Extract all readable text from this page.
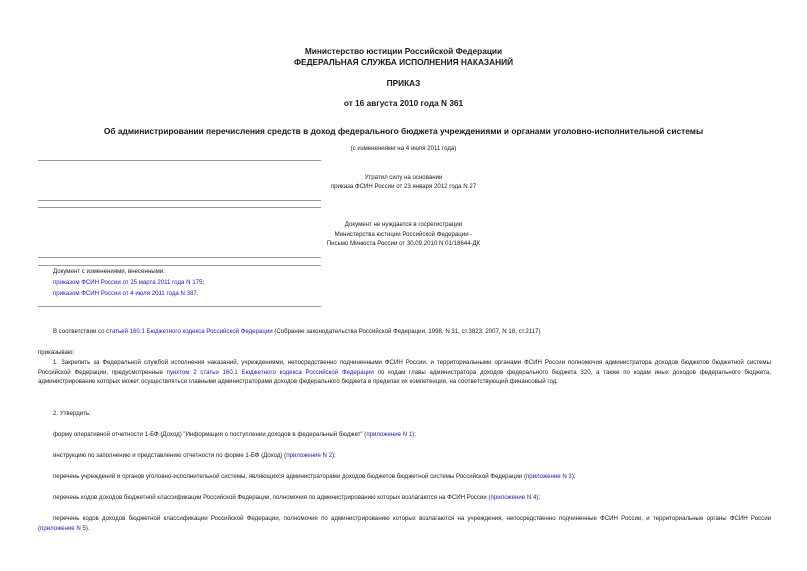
Министерство юстиции Российской Федерации
ФЕДЕРАЛЬНАЯ СЛУЖБА ИСПОЛНЕНИЯ НАКАЗАНИЙ
ПРИКАЗ
от 16 августа 2010 года N 361
Об администрировании перечисления средств в доход федерального бюджета учреждениями и органами уголовно-исполнительной системы
(с изменениями на 4 июля 2011 года)
Утратил силу на основании
приказа ФСИН России от 23 января 2012 года N 27
Документ не нуждается в госрегистрации
Министерства юстиции Российской Федерации -
Письмо Минюста России от 30.09.2010 N 01/18644-ДК
Документ с изменениями, внесенными:
приказом ФСИН России от 25 марта 2011 года N 175;
приказом ФСИН России от 4 июля 2011 года N 387.
В соответствии со статьей 160.1 Бюджетного кодекса Российской Федерации (Собрание законодательства Российской Федерации, 1998, N 31, ст.3823; 2007, N 18, ст.2117)
приказываю:
1. Закрепить за Федеральной службой исполнения наказаний, учреждениями, непосредственно подчиненными ФСИН России, и территориальными органами ФСИН России полномочия администратора доходов бюджетов бюджетной системы Российской Федерации, предусмотренные пунктом 2 статьи 160.1 Бюджетного кодекса Российской Федерации по кодам главы администратора доходов федерального бюджета 320, а также по кодам иных доходов федерального бюджета, администрирование которых может осуществляться главными администраторами доходов федерального бюджета в пределах их компетенции, на соответствующий финансовый год.
2. Утвердить:
форму оперативной отчетности 1-БФ (Доход) "Информация о поступлении доходов в федеральный бюджет" (приложение N 1);
инструкцию по заполнению и представлению отчетности по форме 1-БФ (Доход) (приложение N 2);
перечень учреждений и органов уголовно-исполнительной системы, являющихся администраторами доходов бюджетов бюджетной системы Российской Федерации (приложение N 3);
перечень кодов доходов бюджетной классификации Российской Федерации, полномочия по администрированию которых возлагаются на ФСИН России (приложение N 4);
перечень кодов доходов бюджетной классификации Российской Федерации, полномочия по администрированию которых возлагаются на учреждения, непосредственно подчиненные ФСИН России, и территориальные органы ФСИН России (приложение N 5).
